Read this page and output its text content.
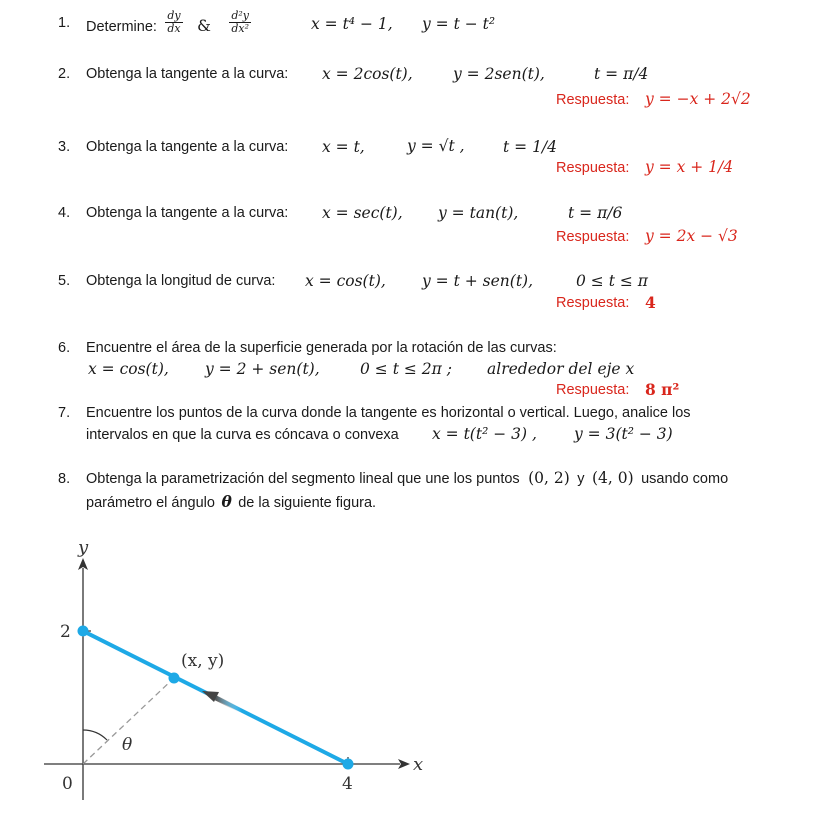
1. Determine: $\frac{dy}{dx}$ & $\frac{\text{d²y}}{\text{dx²}}$	x = t⁴ − 1, y = t − t²
2. Obtenga la tangente a la curva: x = 2cos(t),	y = 2sen(t),	t = π/4
Respuesta: y = −x + 2√2
3. Obtenga la tangente a la curva: x = t,	y = √t , t = 1/4
Respuesta: y = x + 1/4
4. Obtenga la tangente a la curva: x = sec(t), y = tan(t),	t = π/6
Respuesta: y = 2x − √3
5. Obtenga la longitud de curva: x = cos(t), y = t + sen(t),	0 ≤ t ≤ π
Respuesta: 4
6. Encuentre el área de la superficie generada por la rotación de las curvas:
x = cos(t), y = 2 + sen(t),	0 ≤ t ≤ 2π ; alrededor del eje x
Respuesta: 8 π²
7. Encuentre los puntos de la curva donde la tangente es horizontal o vertical. Luego, analice los
intervalos en que la curva es cóncava o convexa x = t(t² − 3) , y = 3(t² − 3)
8. Obtenga la parametrización del segmento lineal que une los puntos (0, 2) y (4, 0) usando como
parámetro el ángulo θ de la siguiente figura.
y
x
0
2
4
(x, y)
θ
